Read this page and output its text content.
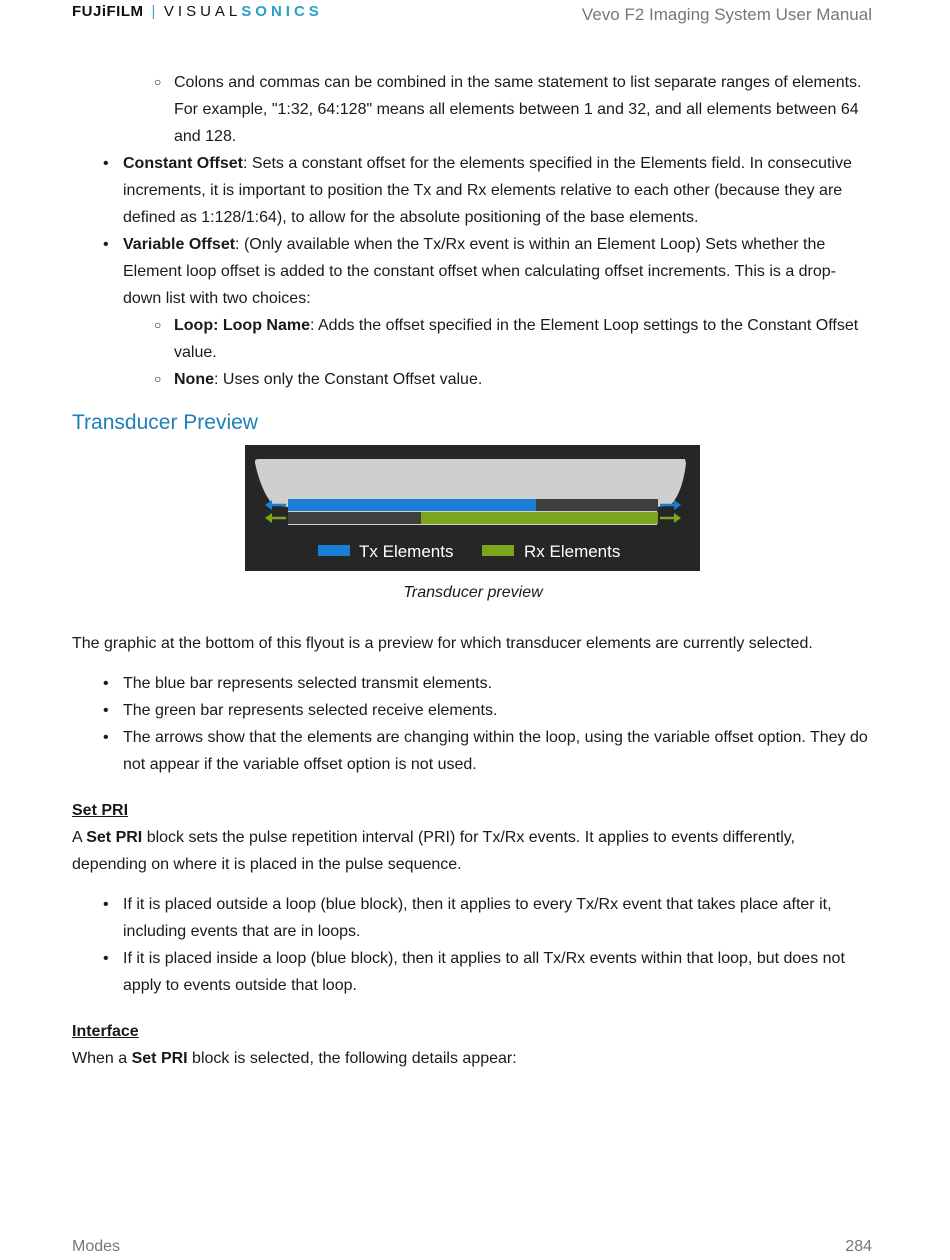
FUJiFILM | VISUALSONICS	Vevo F2 Imaging System User Manual
○ Colons and commas can be combined in the same statement to list separate ranges of elements. For example, "1:32, 64:128" means all elements between 1 and 32, and all elements between 64 and 128.
• Constant Offset: Sets a constant offset for the elements specified in the Elements field. In consecutive increments, it is important to position the Tx and Rx elements relative to each other (because they are defined as 1:128/1:64), to allow for the absolute positioning of the base elements.
• Variable Offset: (Only available when the Tx/Rx event is within an Element Loop) Sets whether the Element loop offset is added to the constant offset when calculating offset increments. This is a drop-down list with two choices:
○ Loop: Loop Name: Adds the offset specified in the Element Loop settings to the Constant Offset value.
○ None: Uses only the Constant Offset value.
Transducer Preview
Tx Elements	Rx Elements
Transducer preview

The graphic at the bottom of this flyout is a preview for which transducer elements are currently selected.

• The blue bar represents selected transmit elements.
• The green bar represents selected receive elements.
• The arrows show that the elements are changing within the loop, using the variable offset option. They do not appear if the variable offset option is not used.
Set PRI

A Set PRI block sets the pulse repetition interval (PRI) for Tx/Rx events. It applies to events differently, depending on where it is placed in the pulse sequence.

• If it is placed outside a loop (blue block), then it applies to every Tx/Rx event that takes place after it, including events that are in loops.
• If it is placed inside a loop (blue block), then it applies to all Tx/Rx events within that loop, but does not apply to events outside that loop.
Interface

When a Set PRI block is selected, the following details appear:

Modes	284
